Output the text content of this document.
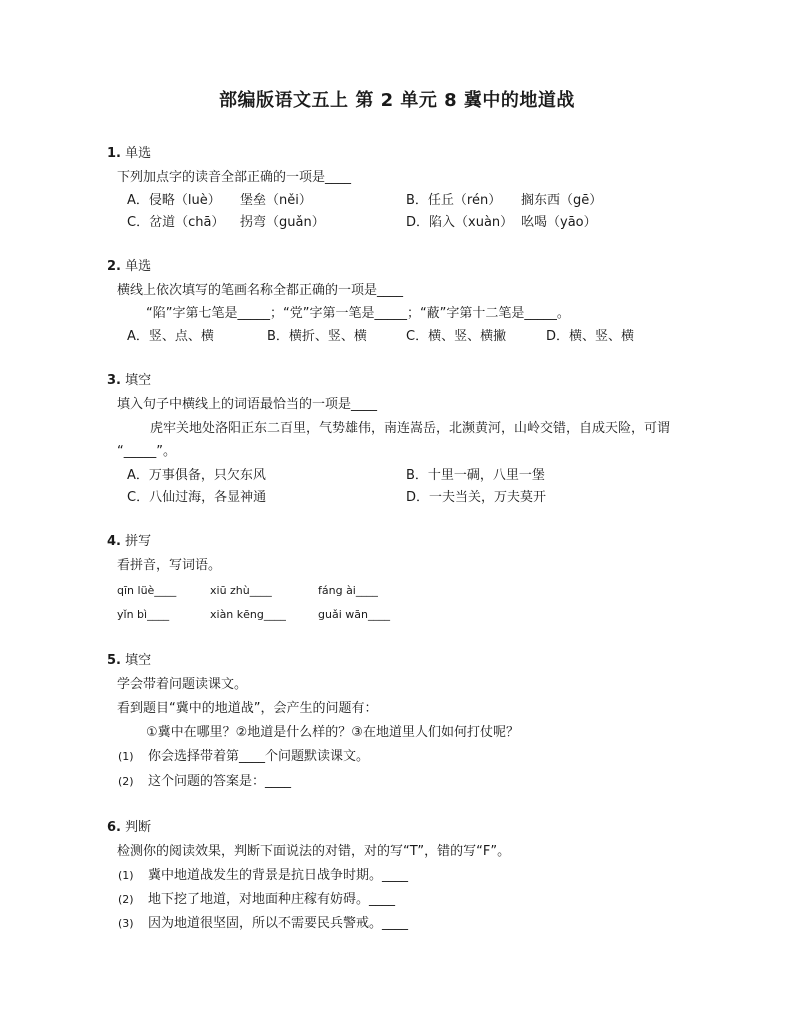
部编版语文五上 第 2 单元 8 冀中的地道战
1. 单选
下列加点字的读音全部正确的一项是____
A．侵略（luè） 堡垒（něi）	B．任丘（rén） 搁东西（gē）
C．岔道（chā） 拐弯（guǎn）	D．陷入（xuàn） 吆喝（yāo）
2. 单选
横线上依次填写的笔画名称全都正确的一项是____
“陷”字第七笔是_____；“党”字第一笔是_____；“蔽”字第十二笔是_____。
A．竖、点、横	B．横折、竖、横	C．横、竖、横撇	D．横、竖、横
3. 填空
填入句子中横线上的词语最恰当的一项是____
虎牢关地处洛阳正东二百里，气势雄伟，南连嵩岳，北濒黄河，山岭交错，自成天险，可谓
“_____”。
A．万事俱备，只欠东风	B．十里一碉，八里一堡
C．八仙过海，各显神通	D．一夫当关，万夫莫开
4. 拼写
看拼音，写词语。
qīn lüè____	xiū zhù____	fáng ài____
yǐn bì____	xiàn kēng____	guǎi wān____
5. 填空
学会带着问题读课文。
看到题目“冀中的地道战”，会产生的问题有：
①冀中在哪里？②地道是什么样的？③在地道里人们如何打仗呢？
(1) 你会选择带着第____个问题默读课文。
(2) 这个问题的答案是：____
6. 判断
检测你的阅读效果，判断下面说法的对错，对的写“T”，错的写“F”。
(1) 冀中地道战发生的背景是抗日战争时期。____
(2) 地下挖了地道，对地面种庄稼有妨碍。____
(3) 因为地道很坚固，所以不需要民兵警戒。____
